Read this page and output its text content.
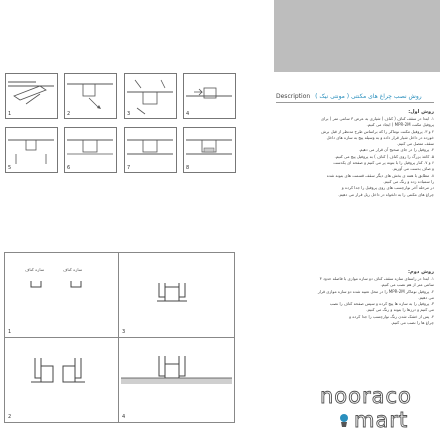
Description روش نصب چراغ های مکنتی ( مونتی نیک )
روش اول:
۱. ابتدا در سقف کناف ( کناف ) شیاری به عرض ۳ سانتی متر ( برای
پروفیل مکنت MPR-2M ) ایجاد می کنیم.
۲ و ۳. پروفیل مکنت نوماکر را که براساس طرح مدنظر از قبل برش
خورده در داخل شیار قرار داده و به وسیله پیچ به سازه های داخل
سقف متصل می کنیم.
۴. پروفیل را در جای صحیح آن قرار می دهیم.
۵. کاغذ بزرگ را روی کناف ( کناف ) به پروفیل پیچ می کنیم.
۶ و ۷. کنار پروفیل را با بتونه پر می کنیم و صفحه ای یکدست
و صاف بدست می آوریم.
۸. مطابق با همه ی بخش های دیگر سقف قسمت های بتونه شده
را سمباده زده و رنگ می کنیم.
در مرحله آخر نوارچسب های روی پروفیل را جدا کرده و
چراغ های مکنتی را به دلخواه در داخل ریل قرار می دهیم.
روش دوم:
۱. ابتدا در راستای سازه سقف کناف دو سازه موازی با فاصله حدود ۳
سانتی متر از هم نصب می کنیم.
۲. پروفیل نوماکر MPR-2M را در محل تعبیه شده دو سازه موازی قرار
می دهیم.
۳. پروفیل را به سازه ها پیچ کرده و سپس صفحه کناف را نصب
می کنیم و درزها را بتونه و رنگ می کنیم.
۴. پس از خشک شدن رنگ نوارچسب را جدا کرده و
چراغ ها را نصب می کنیم.
1	2	3	4
5	6	7	8
سازه کناف
سازه کناف
1	3
2	4
nooraco
mart
